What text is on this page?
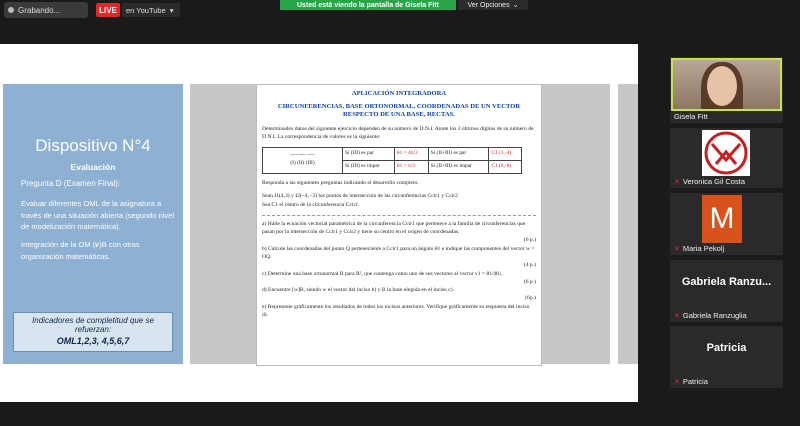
Grabando...	LIVE	en YouTube ▾
Usted está viendo la pantalla de Gisela Fitt	Ver Opciones ⌄
Dispositivo N°4
Evaluación
Pregunta D (Examen Final):
Evaluar diferentes OML de la asignatura a través de una situación abierta (segundo nivel de modelización matemática).
Integración de la OM (𝒗)B con otras organización matemáticas.
Indicadores de completitud que se refuerzan:
OML1,2,3, 4,5,6,7
APLICACIÓN INTEGRADORA
CIRCUNFERENCIAS, BASE ORTONORMAL, COORDENADAS DE UN VECTOR RESPECTO DE UNA BASE, RECTAS.

Determinados datos del siguiente ejercicio dependen de su número de D.N.I. Anote los 3 últimos dígitos de su número de D.N.I. La correspondencia de valores es la siguiente:

---- ---- ----
(I) (II) (III)	Si (III) es par	θ1 = 4π/3	Si (II+III) es par	C1 (3,-4)
	Si (III) es impar	θ1 = π/3	Si (II+III) es impar	C1 (6,-8)

Responda a las siguientes preguntas indicando el desarrollo completo.

Sean I1(4,3) y I2(−4,−3) los puntos de intersección de las circunferencias Ccir1 y Ccir2

Sea C1 el centro de la circunferencia Ccir1.

a) Halle la ecuación vectorial paramétrica de la circunferencia Ccir1 que pertenece a la familia de circunferencias que pasan por la intersección de Ccir1 y Ccir2 y tiene su centro en el origen de coordenadas.

(6 p.)

b) Calcule las coordenadas del punto Q perteneciente a Ccir1 para un ángulo θ1 e indique las componentes del vector w = OQ.

(4 p.)

c) Determine una base ortonormal B para R², que contenga como uno de sus vectores al vector v1 = θ1/|θ1|.

(6 p.)

d) Encuentre [w]B, siendo w el vector del inciso b) y B la base elegida en el inciso c).

(6p.)

e) Represente gráficamente los resultados de todos los incisos anteriores. Verifique gráficamente su respuesta del inciso d).

Gisela Fitt
✕ Veronica Gil Costa
M
✕ Maria Pekolj
Gabriela Ranzu...
✕ Gabriela Ranzuglia
Patricia
✕ Patricia
